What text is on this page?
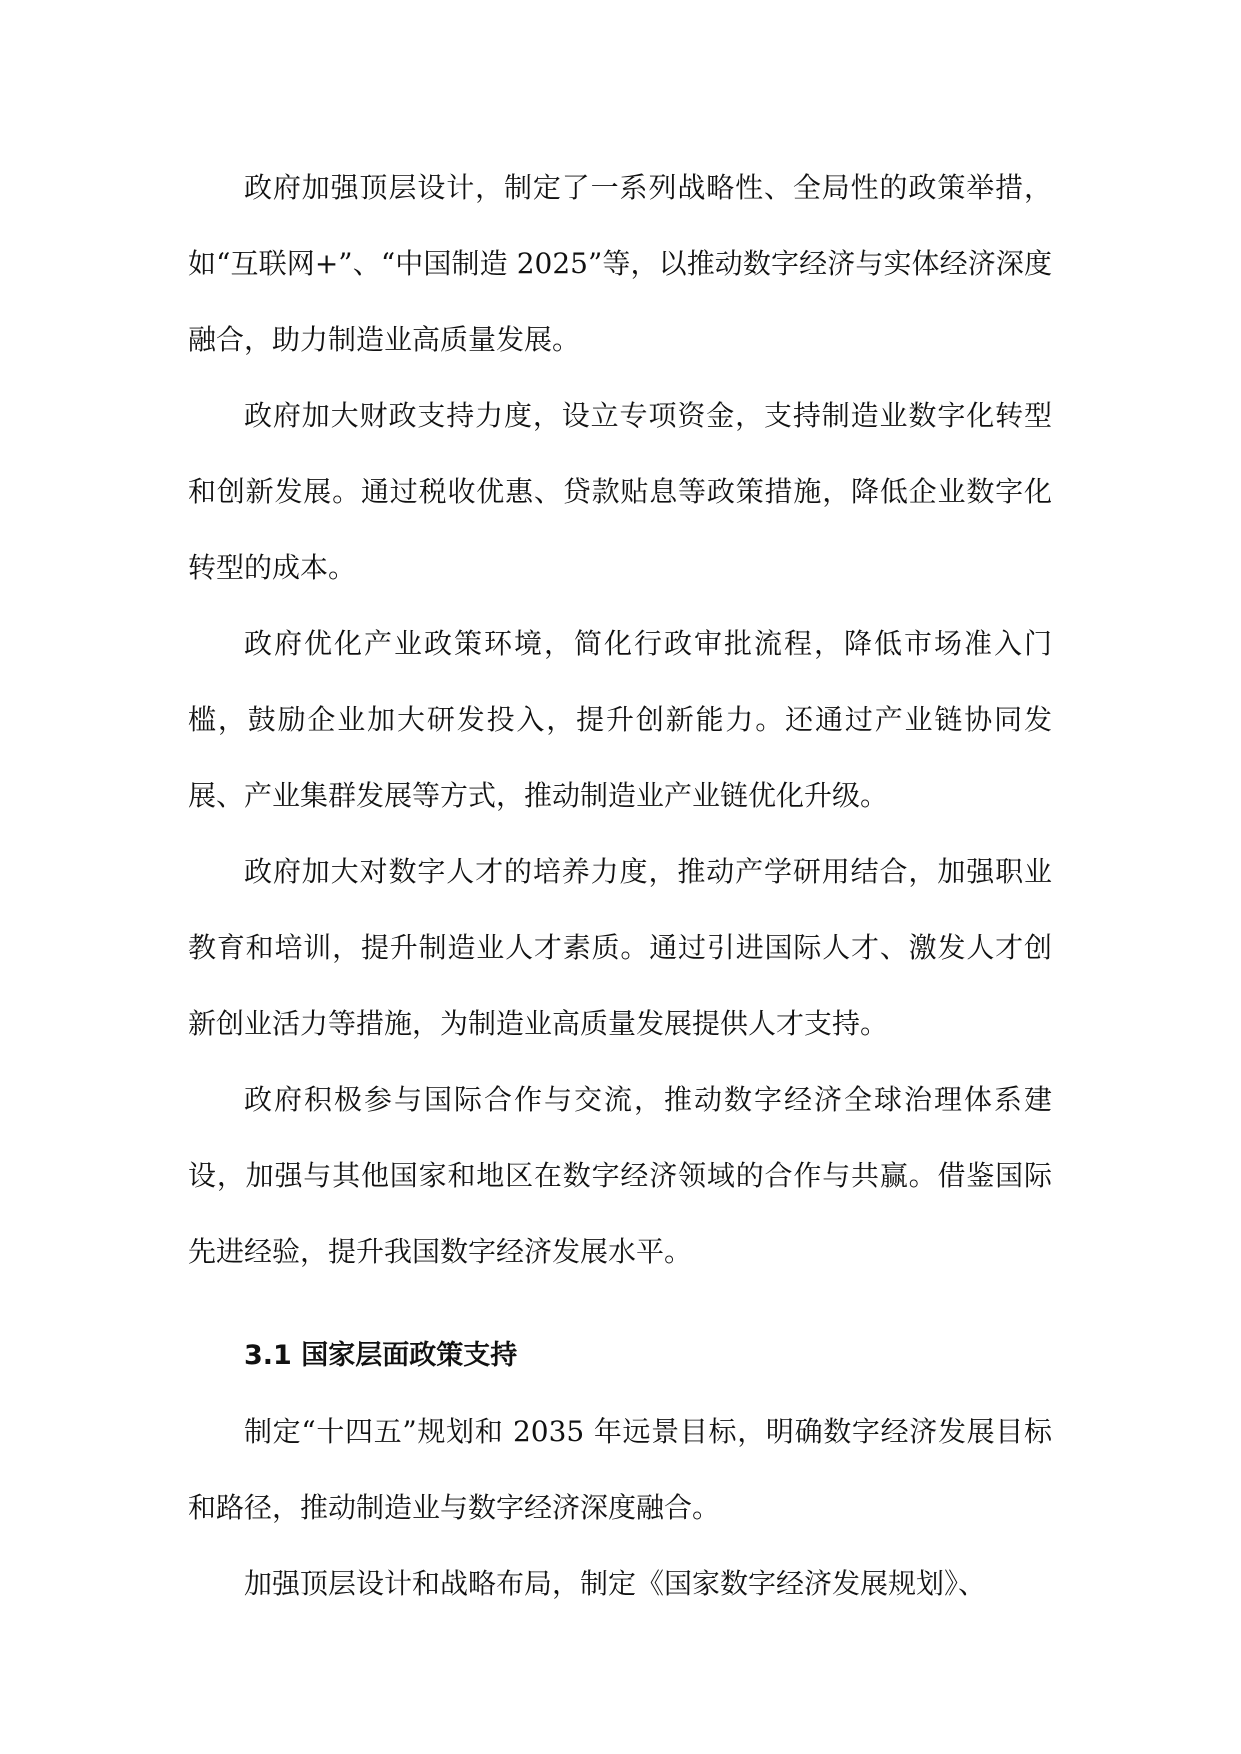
政府加强顶层设计，制定了一系列战略性、全局性的政策举措，如“互联网+”、“中国制造 2025”等，以推动数字经济与实体经济深度融合，助力制造业高质量发展。

政府加大财政支持力度，设立专项资金，支持制造业数字化转型和创新发展。通过税收优惠、贷款贴息等政策措施，降低企业数字化转型的成本。

政府优化产业政策环境，简化行政审批流程，降低市场准入门槛，鼓励企业加大研发投入，提升创新能力。还通过产业链协同发展、产业集群发展等方式，推动制造业产业链优化升级。

政府加大对数字人才的培养力度，推动产学研用结合，加强职业教育和培训，提升制造业人才素质。通过引进国际人才、激发人才创新创业活力等措施，为制造业高质量发展提供人才支持。

政府积极参与国际合作与交流，推动数字经济全球治理体系建设，加强与其他国家和地区在数字经济领域的合作与共赢。借鉴国际先进经验，提升我国数字经济发展水平。

3.1 国家层面政策支持

制定“十四五”规划和 2035 年远景目标，明确数字经济发展目标和路径，推动制造业与数字经济深度融合。

加强顶层设计和战略布局，制定《国家数字经济发展规划》、
